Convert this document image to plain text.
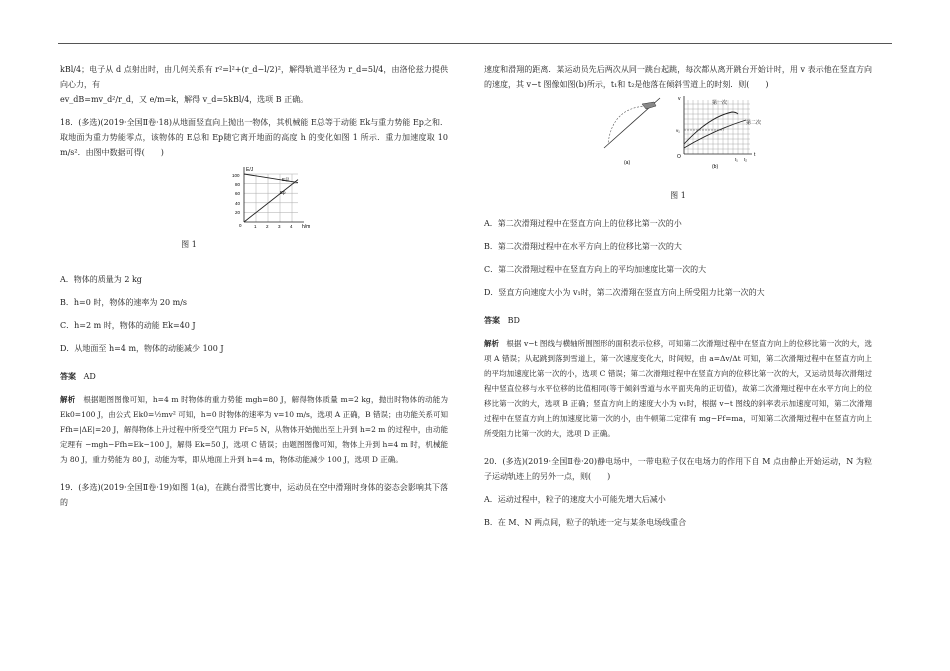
kBl/4；电子从 d 点射出时，由几何关系有 r²=l²+(r_d−l/2)²，解得轨道半径为 r_d=5l/4，由洛伦兹力提供向心力，有

ev_dB=mv_d²/r_d，又 e/m=k，解得 v_d=5kBl/4，选项 B 正确。

18．(多选)(2019·全国Ⅱ卷·18)从地面竖直向上抛出一物体，其机械能 E总等于动能 Ek与重力势能 Ep之和．取地面为重力势能零点，该物体的 E总和 Ep随它离开地面的高度 h 的变化如图 1 所示．重力加速度取 10 m/s²．由图中数据可得(　　)

E/J
h/m
0
E总
Ep
100
80
60
40
20
1 2 3 4

图 1

A．物体的质量为 2 kg

B．h=0 时，物体的速率为 20 m/s

C．h=2 m 时，物体的动能 Ek=40 J

D．从地面至 h=4 m，物体的动能减少 100 J

答案 AD

解析 根据题图图像可知，h=4 m 时物体的重力势能 mgh=80 J，解得物体质量 m=2 kg，抛出时物体的动能为 Ek0=100 J，由公式 Ek0=½mv² 可知，h=0 时物体的速率为 v=10 m/s，选项 A 正确，B 错误；由功能关系可知 Ffh=|ΔE|=20 J，解得物体上升过程中所受空气阻力 Ff=5 N，从物体开始抛出至上升到 h=2 m 的过程中，由动能定理有 −mgh−Ffh=Ek−100 J，解得 Ek=50 J，选项 C 错误；由题图图像可知，物体上升到 h=4 m 时，机械能为 80 J，重力势能为 80 J，动能为零，即从地面上升到 h=4 m，物体动能减少 100 J，选项 D 正确。

19．(多选)(2019·全国Ⅱ卷·19)如图 1(a)，在跳台滑雪比赛中，运动员在空中滑翔时身体的姿态会影响其下落的

速度和滑翔的距离．某运动员先后两次从同一跳台起跳，每次都从离开跳台开始计时，用 v 表示他在竖直方向的速度，其 v−t 图像如图(b)所示，t₁和 t₂是他落在倾斜雪道上的时刻．则(　　)

(a)
v
t
O
第一次
第二次
v₁
t₁ t₂
(b)

图 1

A．第二次滑翔过程中在竖直方向上的位移比第一次的小

B．第二次滑翔过程中在水平方向上的位移比第一次的大

C．第二次滑翔过程中在竖直方向上的平均加速度比第一次的大

D．竖直方向速度大小为 v₁时，第二次滑翔在竖直方向上所受阻力比第一次的大

答案 BD

解析 根据 v−t 图线与横轴所围图形的面积表示位移，可知第二次滑翔过程中在竖直方向上的位移比第一次的大，选项 A 错误；从起跳到落到雪道上，第一次速度变化大，时间短，由 a=Δv/Δt 可知，第二次滑翔过程中在竖直方向上的平均加速度比第一次的小，选项 C 错误；第二次滑翔过程中在竖直方向的位移比第一次的大，又运动员每次滑翔过程中竖直位移与水平位移的比值相同(等于倾斜雪道与水平面夹角的正切值)，故第二次滑翔过程中在水平方向上的位移比第一次的大，选项 B 正确；竖直方向上的速度大小为 v₁时，根据 v−t 图线的斜率表示加速度可知，第二次滑翔过程中在竖直方向上的加速度比第一次的小，由牛顿第二定律有 mg−Ff=ma，可知第二次滑翔过程中在竖直方向上所受阻力比第一次的大，选项 D 正确。

20．(多选)(2019·全国Ⅱ卷·20)静电场中，一带电粒子仅在电场力的作用下自 M 点由静止开始运动，N 为粒子运动轨迹上的另外一点，则(　　)

A．运动过程中，粒子的速度大小可能先增大后减小

B．在 M、N 两点间，粒子的轨迹一定与某条电场线重合
